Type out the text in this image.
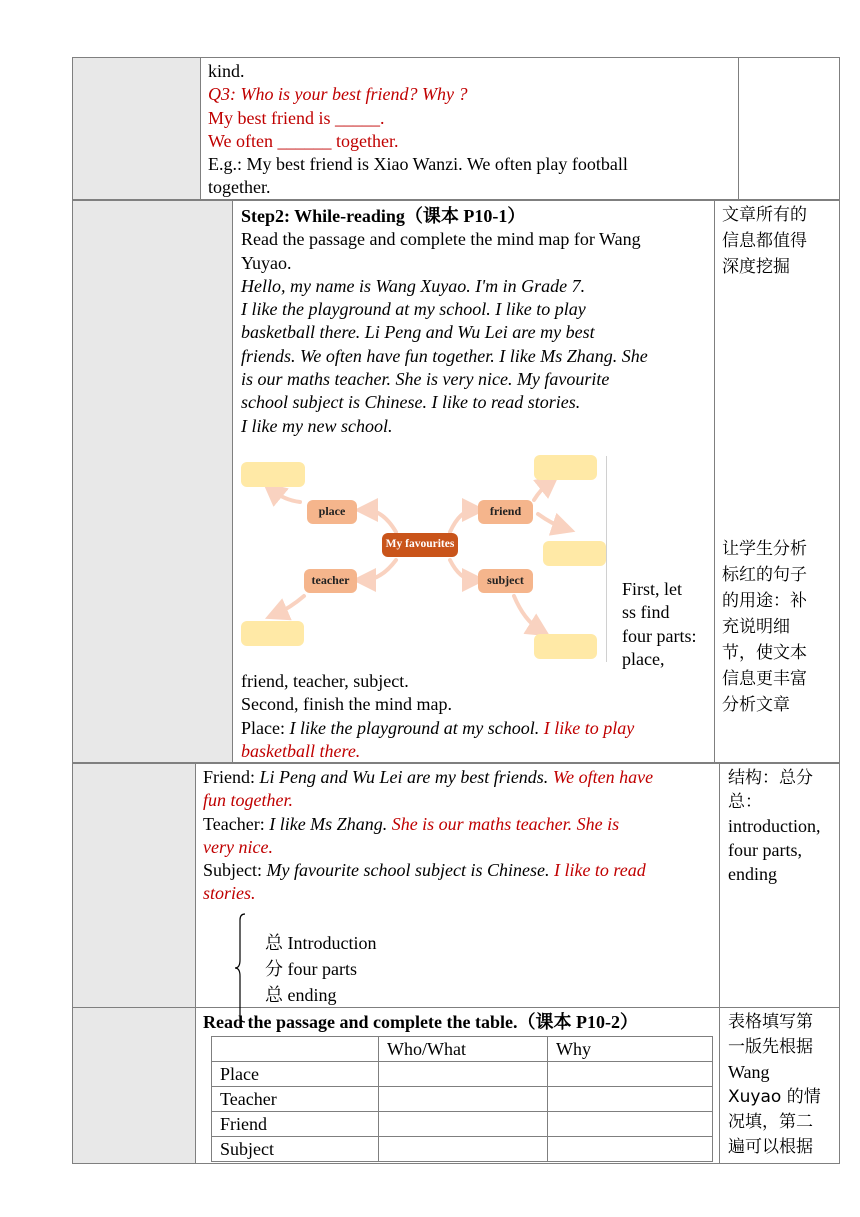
kind.
Q3: Who is your best friend? Why ?
My best friend is _____.
We often ______ together.
E.g.: My best friend is Xiao Wanzi. We often play football
together.
Step2: While-reading（课本 P10-1）
Read the passage and complete the mind map for Wang
Yuyao.
Hello, my name is Wang Xuyao. I'm in Grade 7.
I like the playground at my school. I like to play
basketball there. Li Peng and Wu Lei are my best
friends. We often have fun together. I like Ms Zhang. She
is our maths teacher. She is very nice. My favourite
school subject is Chinese. I like to read stories.
I like my new school.
place	friend
teacher	subject
My favourites
First, let
ss find
four parts:
place,
friend, teacher, subject.
Second, finish the mind map.
Place: I like the playground at my school. I like to play
basketball there.
文章所有的
信息都值得
深度挖掘
让学生分析
标红的句子
的用途：补
充说明细
节，使文本
信息更丰富
分析文章
Friend: Li Peng and Wu Lei are my best friends. We often have
fun together.
Teacher: I like Ms Zhang. She is our maths teacher. She is
very nice.
Subject: My favourite school subject is Chinese. I like to read
stories.
总 Introduction
分 four parts
总 ending
结构：总分
总：
introduction,
four parts,
ending
Read the passage and complete the table.（课本 P10-2）
	Who/What	Why
Place		
Teacher		
Friend		
Subject		
表格填写第
一版先根据
Wang
Xuyao 的情
况填，第二
遍可以根据
